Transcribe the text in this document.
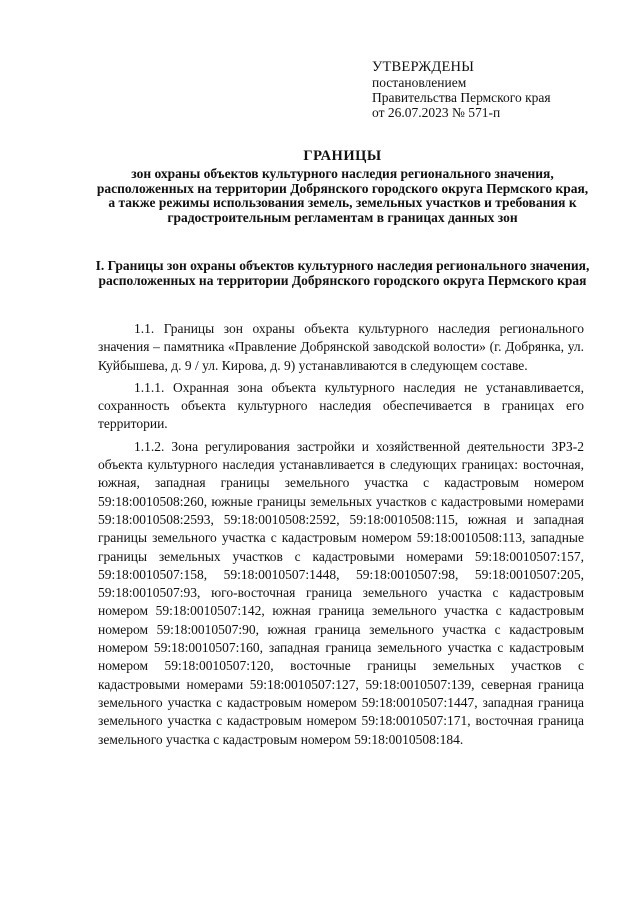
УТВЕРЖДЕНЫ
постановлением
Правительства Пермского края
от 26.07.2023 № 571-п
ГРАНИЦЫ
зон охраны объектов культурного наследия регионального значения, расположенных на территории Добрянского городского округа Пермского края, а также режимы использования земель, земельных участков и требования к градостроительным регламентам в границах данных зон
I. Границы зон охраны объектов культурного наследия регионального значения, расположенных на территории Добрянского городского округа Пермского края

1.1. Границы зон охраны объекта культурного наследия регионального значения – памятника «Правление Добрянской заводской волости» (г. Добрянка, ул. Куйбышева, д. 9 / ул. Кирова, д. 9) устанавливаются в следующем составе.

1.1.1. Охранная зона объекта культурного наследия не устанавливается, сохранность объекта культурного наследия обеспечивается в границах его территории.

1.1.2. Зона регулирования застройки и хозяйственной деятельности ЗРЗ-2 объекта культурного наследия устанавливается в следующих границах: восточная, южная, западная границы земельного участка с кадастровым номером 59:18:0010508:260, южные границы земельных участков с кадастровыми номерами 59:18:0010508:2593, 59:18:0010508:2592, 59:18:0010508:115, южная и западная границы земельного участка с кадастровым номером 59:18:0010508:113, западные границы земельных участков с кадастровыми номерами 59:18:0010507:157, 59:18:0010507:158, 59:18:0010507:1448, 59:18:0010507:98, 59:18:0010507:205, 59:18:0010507:93, юго-восточная граница земельного участка с кадастровым номером 59:18:0010507:142, южная граница земельного участка с кадастровым номером 59:18:0010507:90, южная граница земельного участка с кадастровым номером 59:18:0010507:160, западная граница земельного участка с кадастровым номером 59:18:0010507:120, восточные границы земельных участков с кадастровыми номерами 59:18:0010507:127, 59:18:0010507:139, северная граница земельного участка с кадастровым номером 59:18:0010507:1447, западная граница земельного участка с кадастровым номером 59:18:0010507:171, восточная граница земельного участка с кадастровым номером 59:18:0010508:184.
